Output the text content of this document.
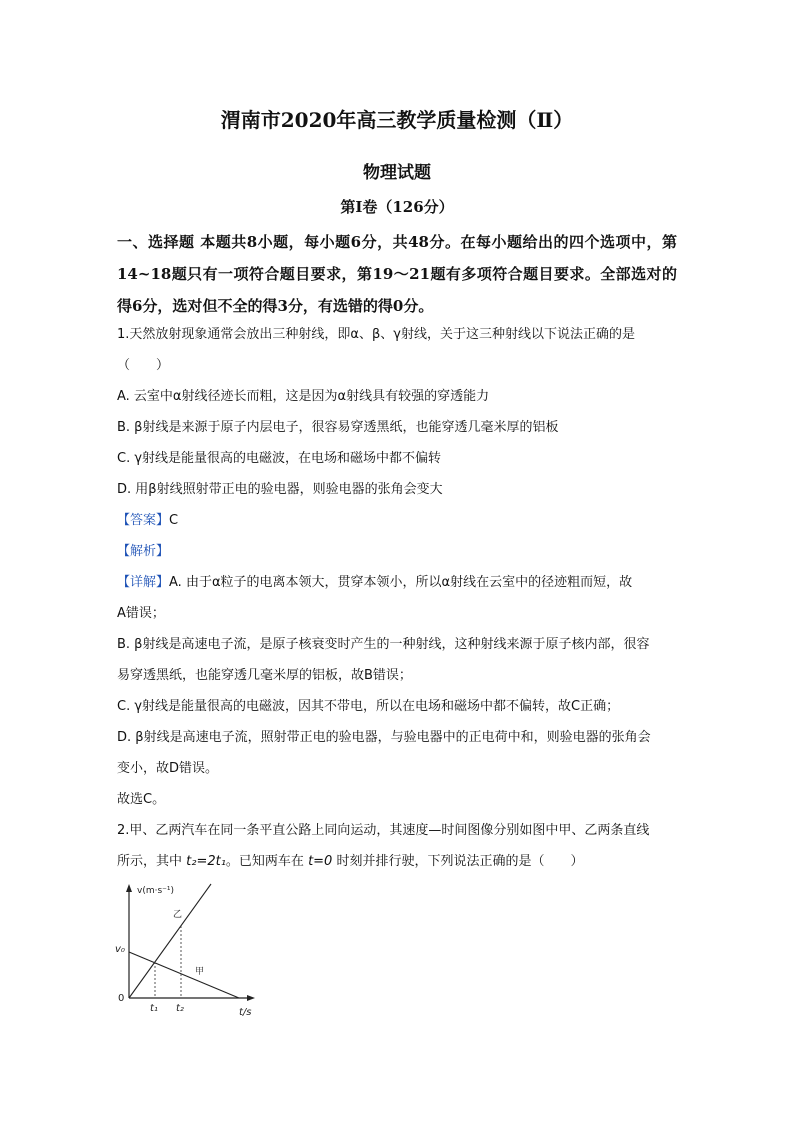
渭南市2020年高三教学质量检测（Ⅱ）
物理试题
第Ⅰ卷（126分）
一、选择题 本题共8小题，每小题6分，共48分。在每小题给出的四个选项中，第14~18题只有一项符合题目要求，第19～21题有多项符合题目要求。全部选对的得6分，选对但不全的得3分，有选错的得0分。

1.天然放射现象通常会放出三种射线，即α、β、γ射线，关于这三种射线以下说法正确的是

（　　）

A. 云室中α射线径迹长而粗，这是因为α射线具有较强的穿透能力

B. β射线是来源于原子内层电子，很容易穿透黑纸，也能穿透几毫米厚的铝板

C. γ射线是能量很高的电磁波，在电场和磁场中都不偏转

D. 用β射线照射带正电的验电器，则验电器的张角会变大

【答案】C

【解析】

【详解】A. 由于α粒子的电离本领大，贯穿本领小，所以α射线在云室中的径迹粗而短，故

A错误；

B. β射线是高速电子流，是原子核衰变时产生的一种射线，这种射线来源于原子核内部，很容

易穿透黑纸，也能穿透几毫米厚的铝板，故B错误；

C. γ射线是能量很高的电磁波，因其不带电，所以在电场和磁场中都不偏转，故C正确；

D. β射线是高速电子流，照射带正电的验电器，与验电器中的正电荷中和，则验电器的张角会

变小，故D错误。

故选C。

2.甲、乙两汽车在同一条平直公路上同向运动，其速度—时间图像分别如图中甲、乙两条直线

所示，其中 t₂=2t₁。已知两车在 t=0 时刻并排行驶，下列说法正确的是（　　）

v(m·s⁻¹)
t/s
0
v₀
t₁ t₂
乙
甲
